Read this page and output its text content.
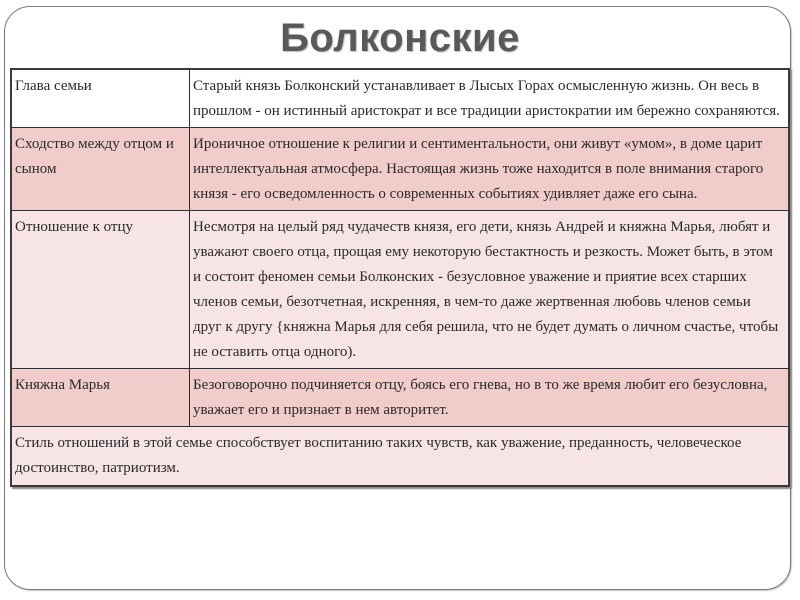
Болконские
Глава семьи	Старый князь Болконский устанавливает в Лысых Горах осмысленную жизнь. Он весь в прошлом - он истинный аристократ и все традиции аристократии им бережно сохраняются.
Сходство между отцом и сыном	Ироничное отношение к религии и сентиментальности, они живут «умом», в доме царит интеллектуальная атмосфера. Настоящая жизнь тоже находится в поле внимания старого князя - его осведомленность о современных событиях удивляет даже его сына.
Отношение к отцу	Несмотря на целый ряд чудачеств князя, его дети, князь Андрей и княжна Марья, любят и уважают своего отца, прощая ему некоторую бестактность и резкость. Может быть, в этом и состоит феномен семьи Болконских - безусловное уважение и приятие всех старших членов семьи, безотчетная, искренняя, в чем-то даже жертвенная любовь членов семьи друг к другу {княжна Марья для себя решила, что не будет думать о личном счастье, чтобы не оставить отца одного).
Княжна Марья	Безоговорочно подчиняется отцу, боясь его гнева, но в то же время любит его безусловна, уважает его и признает в нем авторитет.
Стиль отношений в этой семье способствует воспитанию таких чувств, как уважение, преданность, человеческое достоинство, патриотизм.	
